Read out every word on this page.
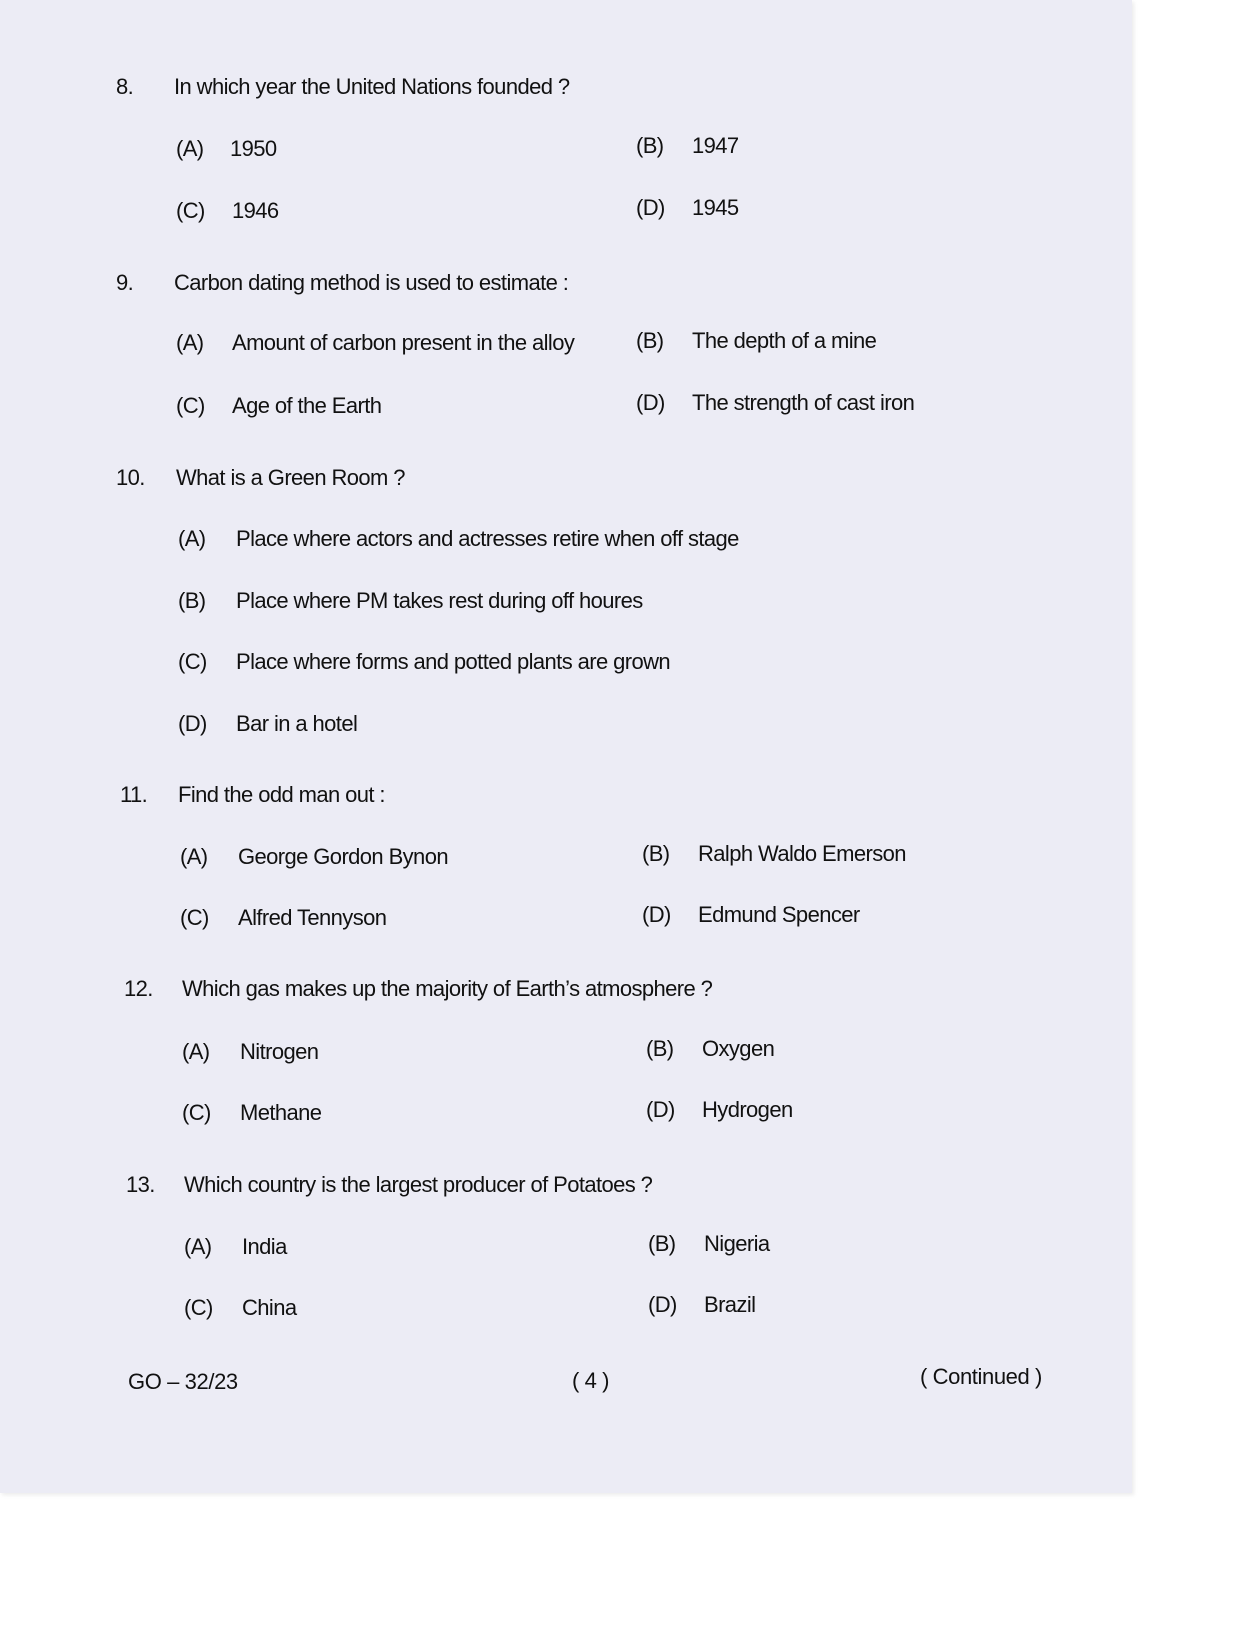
8. In which year the United Nations founded ?
(A) 1950	(B) 1947
(C) 1946	(D) 1945
9. Carbon dating method is used to estimate :
(A) Amount of carbon present in the alloy	(B) The depth of a mine
(C) Age of the Earth	(D) The strength of cast iron
10. What is a Green Room ?
(A) Place where actors and actresses retire when off stage
(B) Place where PM takes rest during off houres
(C) Place where forms and potted plants are grown
(D) Bar in a hotel
11. Find the odd man out :
(A) George Gordon Bynon	(B) Ralph Waldo Emerson
(C) Alfred Tennyson	(D) Edmund Spencer
12. Which gas makes up the majority of Earth’s atmosphere ?
(A) Nitrogen	(B) Oxygen
(C) Methane	(D) Hydrogen
13. Which country is the largest producer of Potatoes ?
(A) India	(B) Nigeria
(C) China	(D) Brazil
GO – 32/23	( 4 )	( Continued )
